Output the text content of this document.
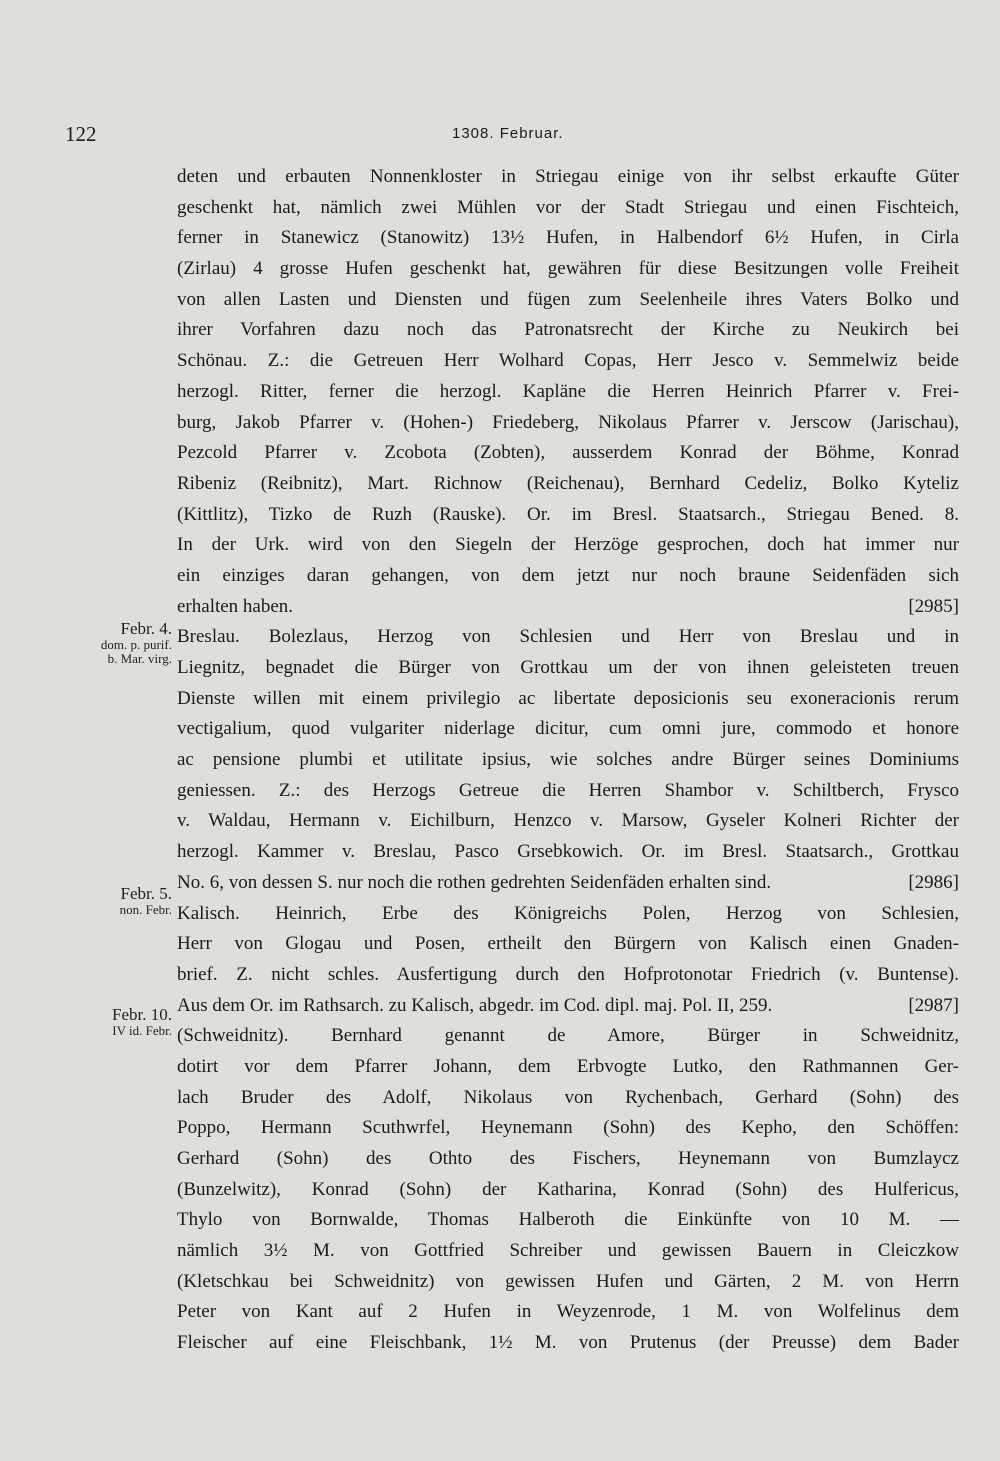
122	1308. Februar.
Febr. 4.
dom. p. purif.
b. Mar. virg.
Febr. 5.
non. Febr.
Febr. 10.
IV id. Febr.
deten und erbauten Nonnenkloster in Striegau einige von ihr selbst erkaufte Güter
geschenkt hat, nämlich zwei Mühlen vor der Stadt Striegau und einen Fischteich,
ferner in Stanewicz (Stanowitz) 13½ Hufen, in Halbendorf 6½ Hufen, in Cirla
(Zirlau) 4 grosse Hufen geschenkt hat, gewähren für diese Besitzungen volle Freiheit
von allen Lasten und Diensten und fügen zum Seelenheile ihres Vaters Bolko und
ihrer Vorfahren dazu noch das Patronatsrecht der Kirche zu Neukirch bei
Schönau. Z.: die Getreuen Herr Wolhard Copas, Herr Jesco v. Semmelwiz beide
herzogl. Ritter, ferner die herzogl. Kapläne die Herren Heinrich Pfarrer v. Frei-
burg, Jakob Pfarrer v. (Hohen-) Friedeberg, Nikolaus Pfarrer v. Jerscow (Jarischau),
Pezcold Pfarrer v. Zcobota (Zobten), ausserdem Konrad der Böhme, Konrad
Ribeniz (Reibnitz), Mart. Richnow (Reichenau), Bernhard Cedeliz, Bolko Kyteliz
(Kittlitz), Tizko de Ruzh (Rauske). Or. im Bresl. Staatsarch., Striegau Bened. 8.
In der Urk. wird von den Siegeln der Herzöge gesprochen, doch hat immer nur
ein einziges daran gehangen, von dem jetzt nur noch braune Seidenfäden sich
erhalten haben.	[2985]
Breslau. Bolezlaus, Herzog von Schlesien und Herr von Breslau und in
Liegnitz, begnadet die Bürger von Grottkau um der von ihnen geleisteten treuen
Dienste willen mit einem privilegio ac libertate deposicionis seu exoneracionis rerum
vectigalium, quod vulgariter niderlage dicitur, cum omni jure, commodo et honore
ac pensione plumbi et utilitate ipsius, wie solches andre Bürger seines Dominiums
geniessen. Z.: des Herzogs Getreue die Herren Shambor v. Schiltberch, Frysco
v. Waldau, Hermann v. Eichilburn, Henzco v. Marsow, Gyseler Kolneri Richter der
herzogl. Kammer v. Breslau, Pasco Grsebkowich. Or. im Bresl. Staatsarch., Grottkau
No. 6, von dessen S. nur noch die rothen gedrehten Seidenfäden erhalten sind.	[2986]
Kalisch. Heinrich, Erbe des Königreichs Polen, Herzog von Schlesien,
Herr von Glogau und Posen, ertheilt den Bürgern von Kalisch einen Gnaden-
brief. Z. nicht schles. Ausfertigung durch den Hofprotonotar Friedrich (v. Buntense).
Aus dem Or. im Rathsarch. zu Kalisch, abgedr. im Cod. dipl. maj. Pol. II, 259.	[2987]
(Schweidnitz). Bernhard genannt de Amore, Bürger in Schweidnitz,
dotirt vor dem Pfarrer Johann, dem Erbvogte Lutko, den Rathmannen Ger-
lach Bruder des Adolf, Nikolaus von Rychenbach, Gerhard (Sohn) des
Poppo, Hermann Scuthwrfel, Heynemann (Sohn) des Kepho, den Schöffen:
Gerhard (Sohn) des Othto des Fischers, Heynemann von Bumzlaycz
(Bunzelwitz), Konrad (Sohn) der Katharina, Konrad (Sohn) des Hulfericus,
Thylo von Bornwalde, Thomas Halberoth die Einkünfte von 10 M. —
nämlich 3½ M. von Gottfried Schreiber und gewissen Bauern in Cleiczkow
(Kletschkau bei Schweidnitz) von gewissen Hufen und Gärten, 2 M. von Herrn
Peter von Kant auf 2 Hufen in Weyzenrode, 1 M. von Wolfelinus dem
Fleischer auf eine Fleischbank, 1½ M. von Prutenus (der Preusse) dem Bader
